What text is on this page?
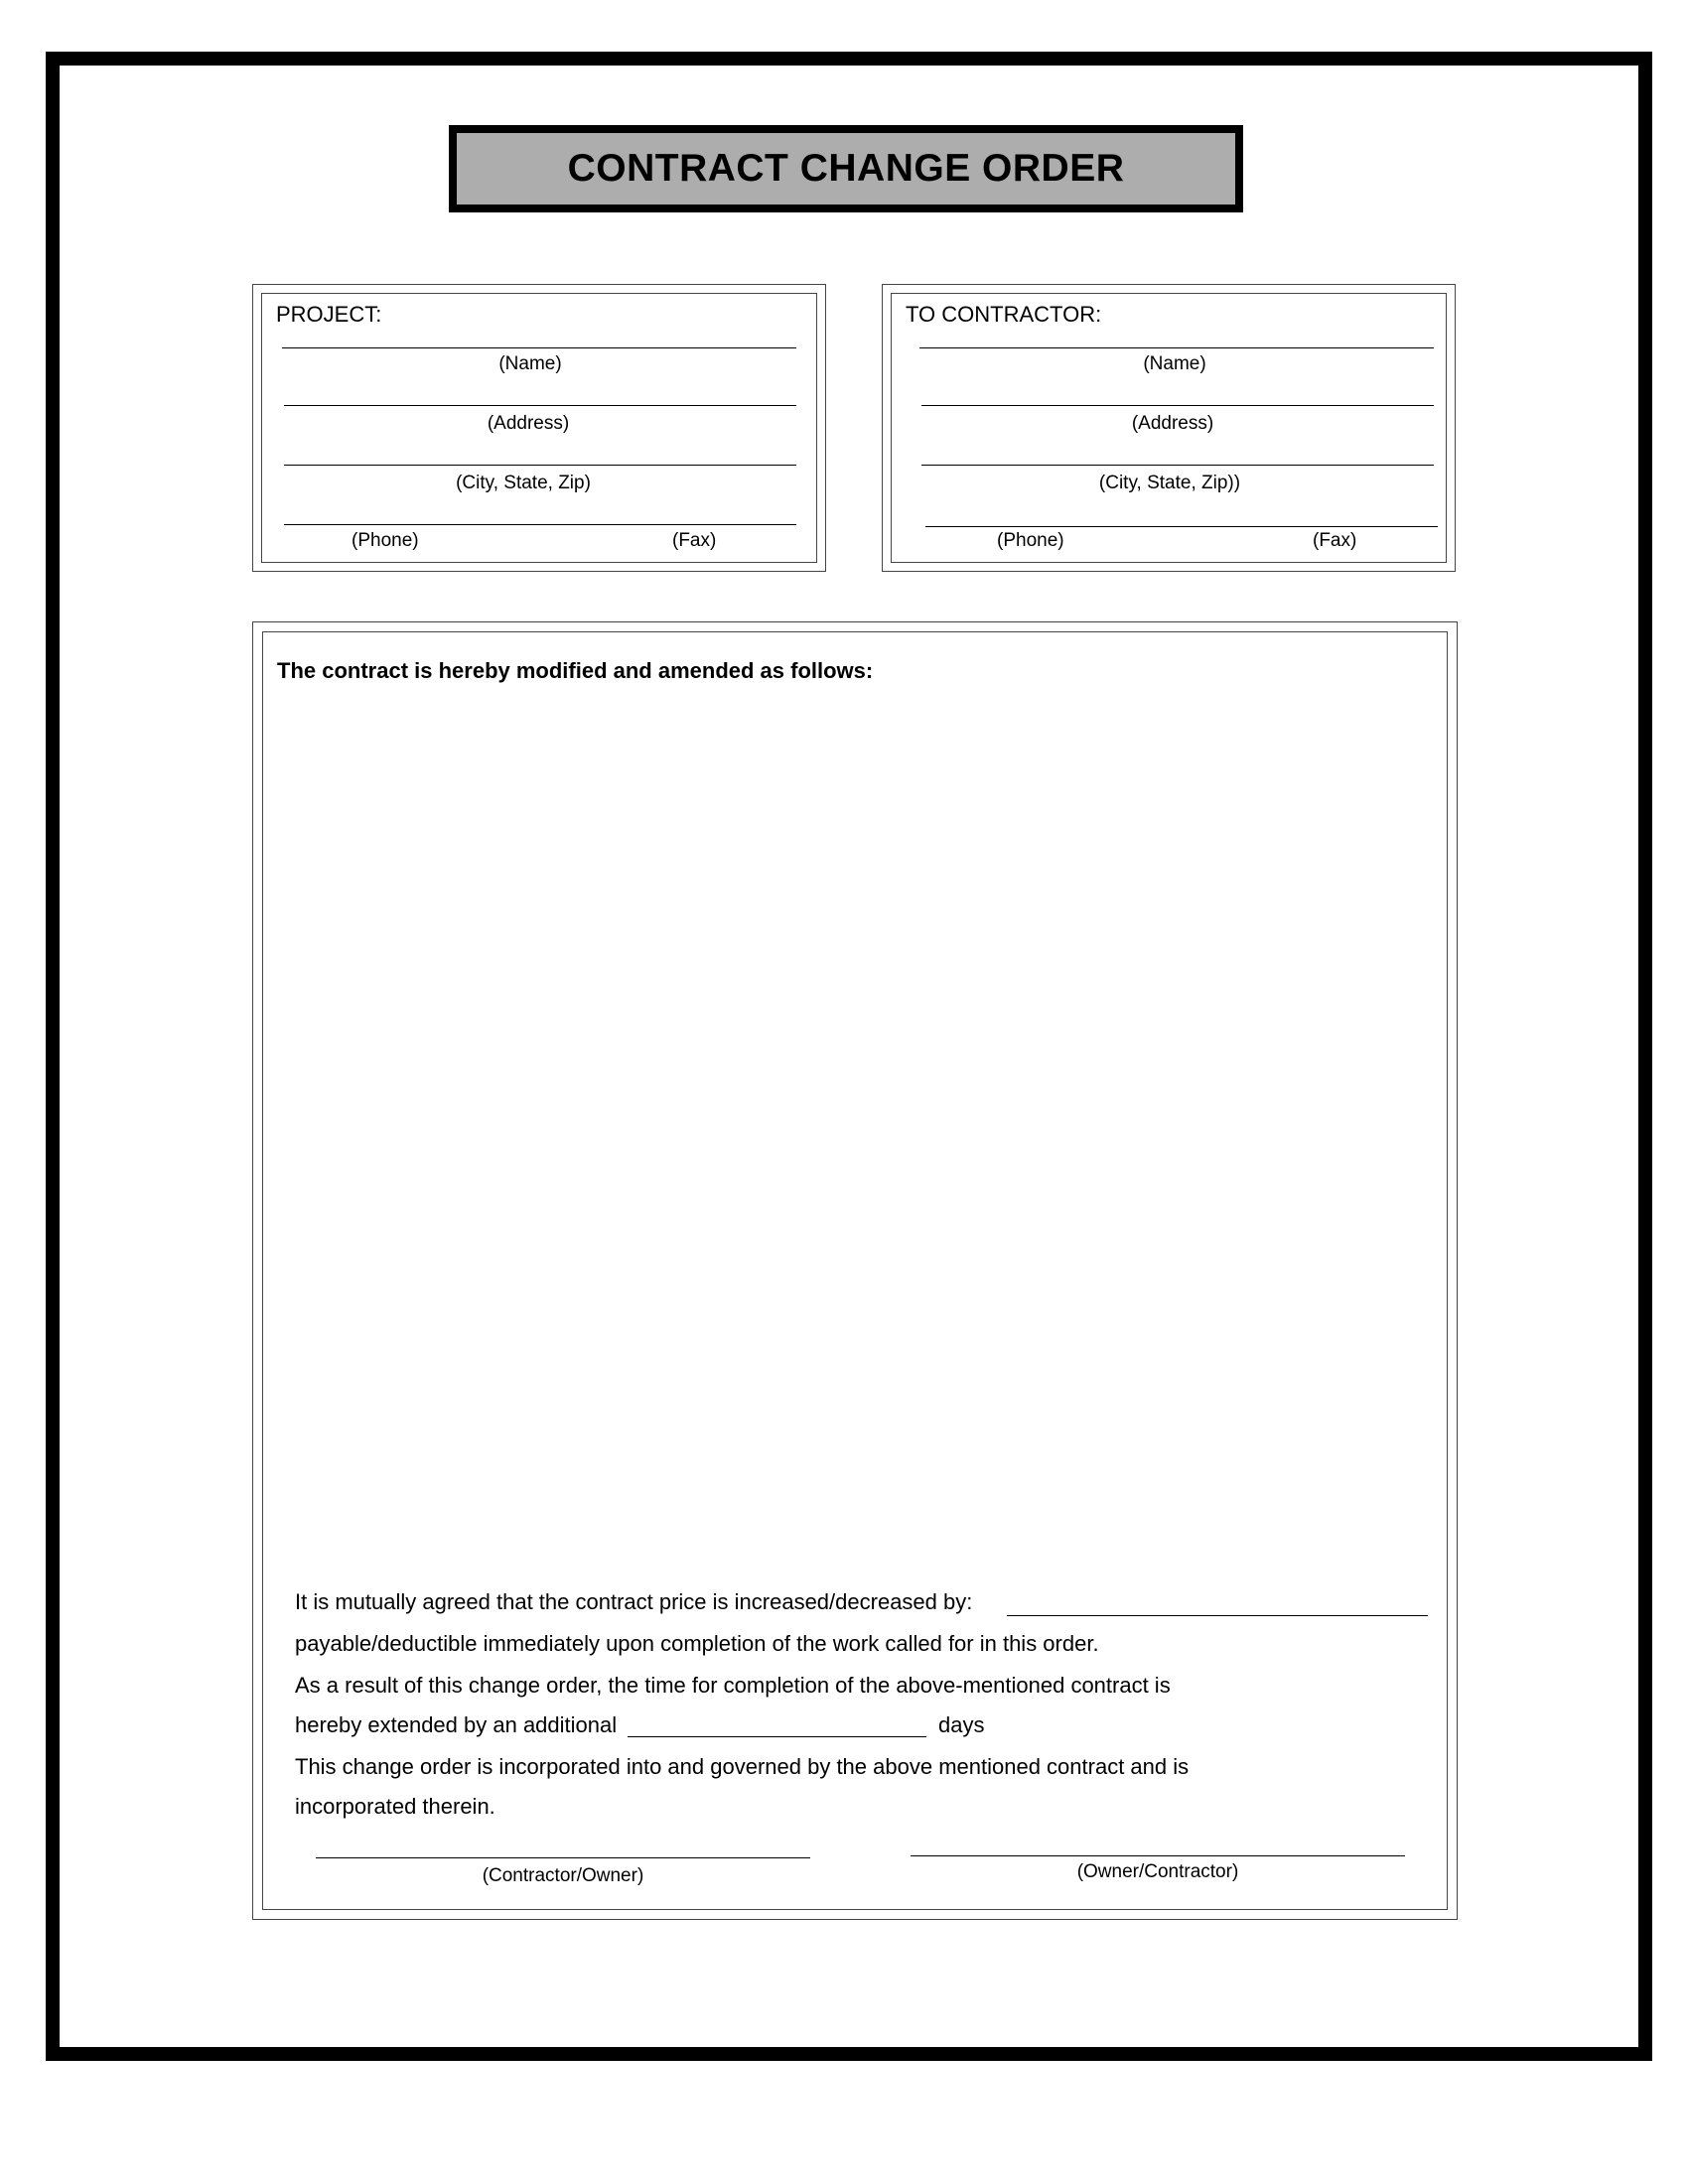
CONTRACT CHANGE ORDER
PROJECT:
(Name)
(Address)
(City, State, Zip)
(Phone)	(Fax)
TO CONTRACTOR:
(Name)
(Address)
(City, State, Zip))
(Phone)	(Fax)
The contract is hereby modified and amended as follows:
It is mutually agreed that the contract price is increased/decreased by:
payable/deductible immediately upon completion of the work called for in this order.
As a result of this change order, the time for completion of the above-mentioned contract is
hereby extended by an additional	days
This change order is incorporated into and governed by the above mentioned contract and is
incorporated therein.
(Contractor/Owner)	(Owner/Contractor)
